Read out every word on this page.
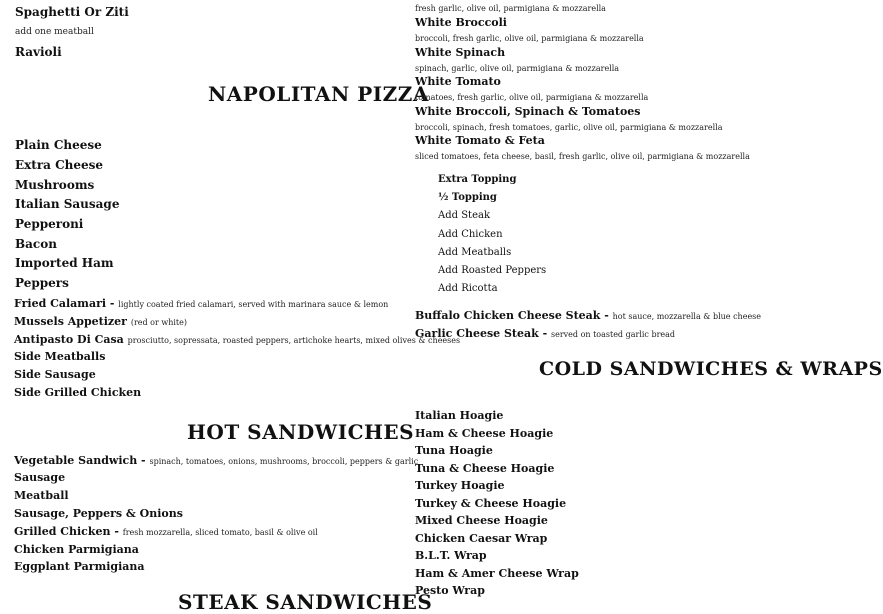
Spaghetti Or Ziti
add one meatball
Ravioli
NAPOLITAN PIZZA
Plain Cheese
Extra Cheese
Mushrooms
Italian Sausage
Pepperoni
Bacon
Imported Ham
Peppers
Fried Calamari - lightly coated fried calamari, served with marinara sauce & lemon
Mussels Appetizer (red or white)
Antipasto Di Casa prosciutto, sopressata, roasted peppers, artichoke hearts, mixed olives & cheeses
Side Meatballs
Side Sausage
Side Grilled Chicken
HOT SANDWICHES
Vegetable Sandwich - spinach, tomatoes, onions, mushrooms, broccoli, peppers & garlic
Sausage
Meatball
Sausage, Peppers & Onions
Grilled Chicken - fresh mozzarella, sliced tomato, basil & olive oil
Chicken Parmigiana
Eggplant Parmigiana
STEAK SANDWICHES
fresh garlic, olive oil, parmigiana & mozzarella
White Broccoli
broccoli, fresh garlic, olive oil, parmigiana & mozzarella
White Spinach
spinach, garlic, olive oil, parmigiana & mozzarella
White Tomato
tomatoes, fresh garlic, olive oil, parmigiana & mozzarella
White Broccoli, Spinach & Tomatoes
broccoli, spinach, fresh tomatoes, garlic, olive oil, parmigiana & mozzarella
White Tomato & Feta
sliced tomatoes, feta cheese, basil, fresh garlic, olive oil, parmigiana & mozzarella
Extra Topping
½ Topping
Add Steak
Add Chicken
Add Meatballs
Add Roasted Peppers
Add Ricotta
Buffalo Chicken Cheese Steak - hot sauce, mozzarella & blue cheese
Garlic Cheese Steak - served on toasted garlic bread
COLD SANDWICHES & WRAPS
Italian Hoagie
Ham & Cheese Hoagie
Tuna Hoagie
Tuna & Cheese Hoagie
Turkey Hoagie
Turkey & Cheese Hoagie
Mixed Cheese Hoagie
Chicken Caesar Wrap
B.L.T. Wrap
Ham & Amer Cheese Wrap
Pesto Wrap
